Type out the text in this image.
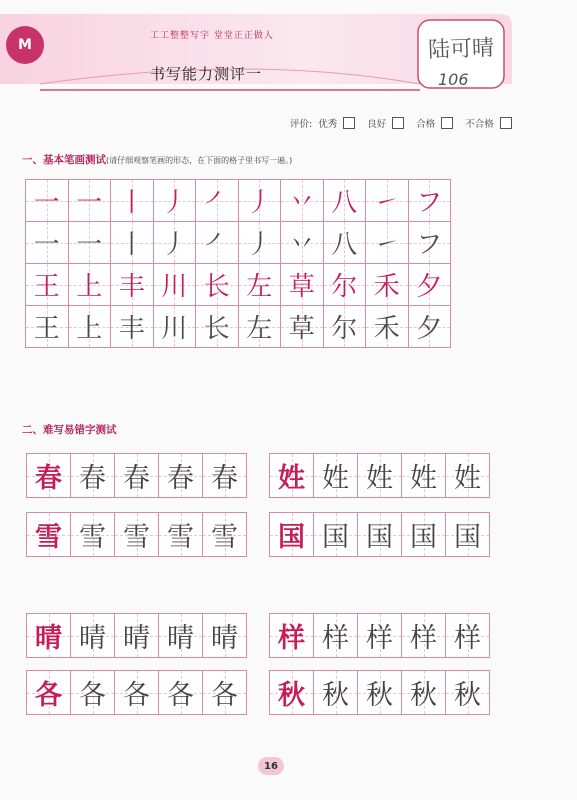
M
工工整整写字 堂堂正正做人
书写能力测评一
陆可晴
106
评价: 优秀	良好	合格	不合格
一、基本笔画测试(请仔细观察笔画的形态，在下面的格子里书写一遍。)
一 一 丨 丿 ㇒ 丿 丷 八 ㇀ フ
一 一 丨 丿 ㇒ 丿 丷 八 ㇀ フ
王 上 丰 川 长 左 草 尔 禾 夕
王 上 丰 川 长 左 草 尔 禾 夕
二、难写易错字测试
春 春 春 春 春 姓 姓 姓 姓 姓
雪 雪 雪 雪 雪 国 国 国 国 国
晴 晴 晴 晴 晴 样 样 样 样 样
各 各 各 各 各 秋 秋 秋 秋 秋
16
